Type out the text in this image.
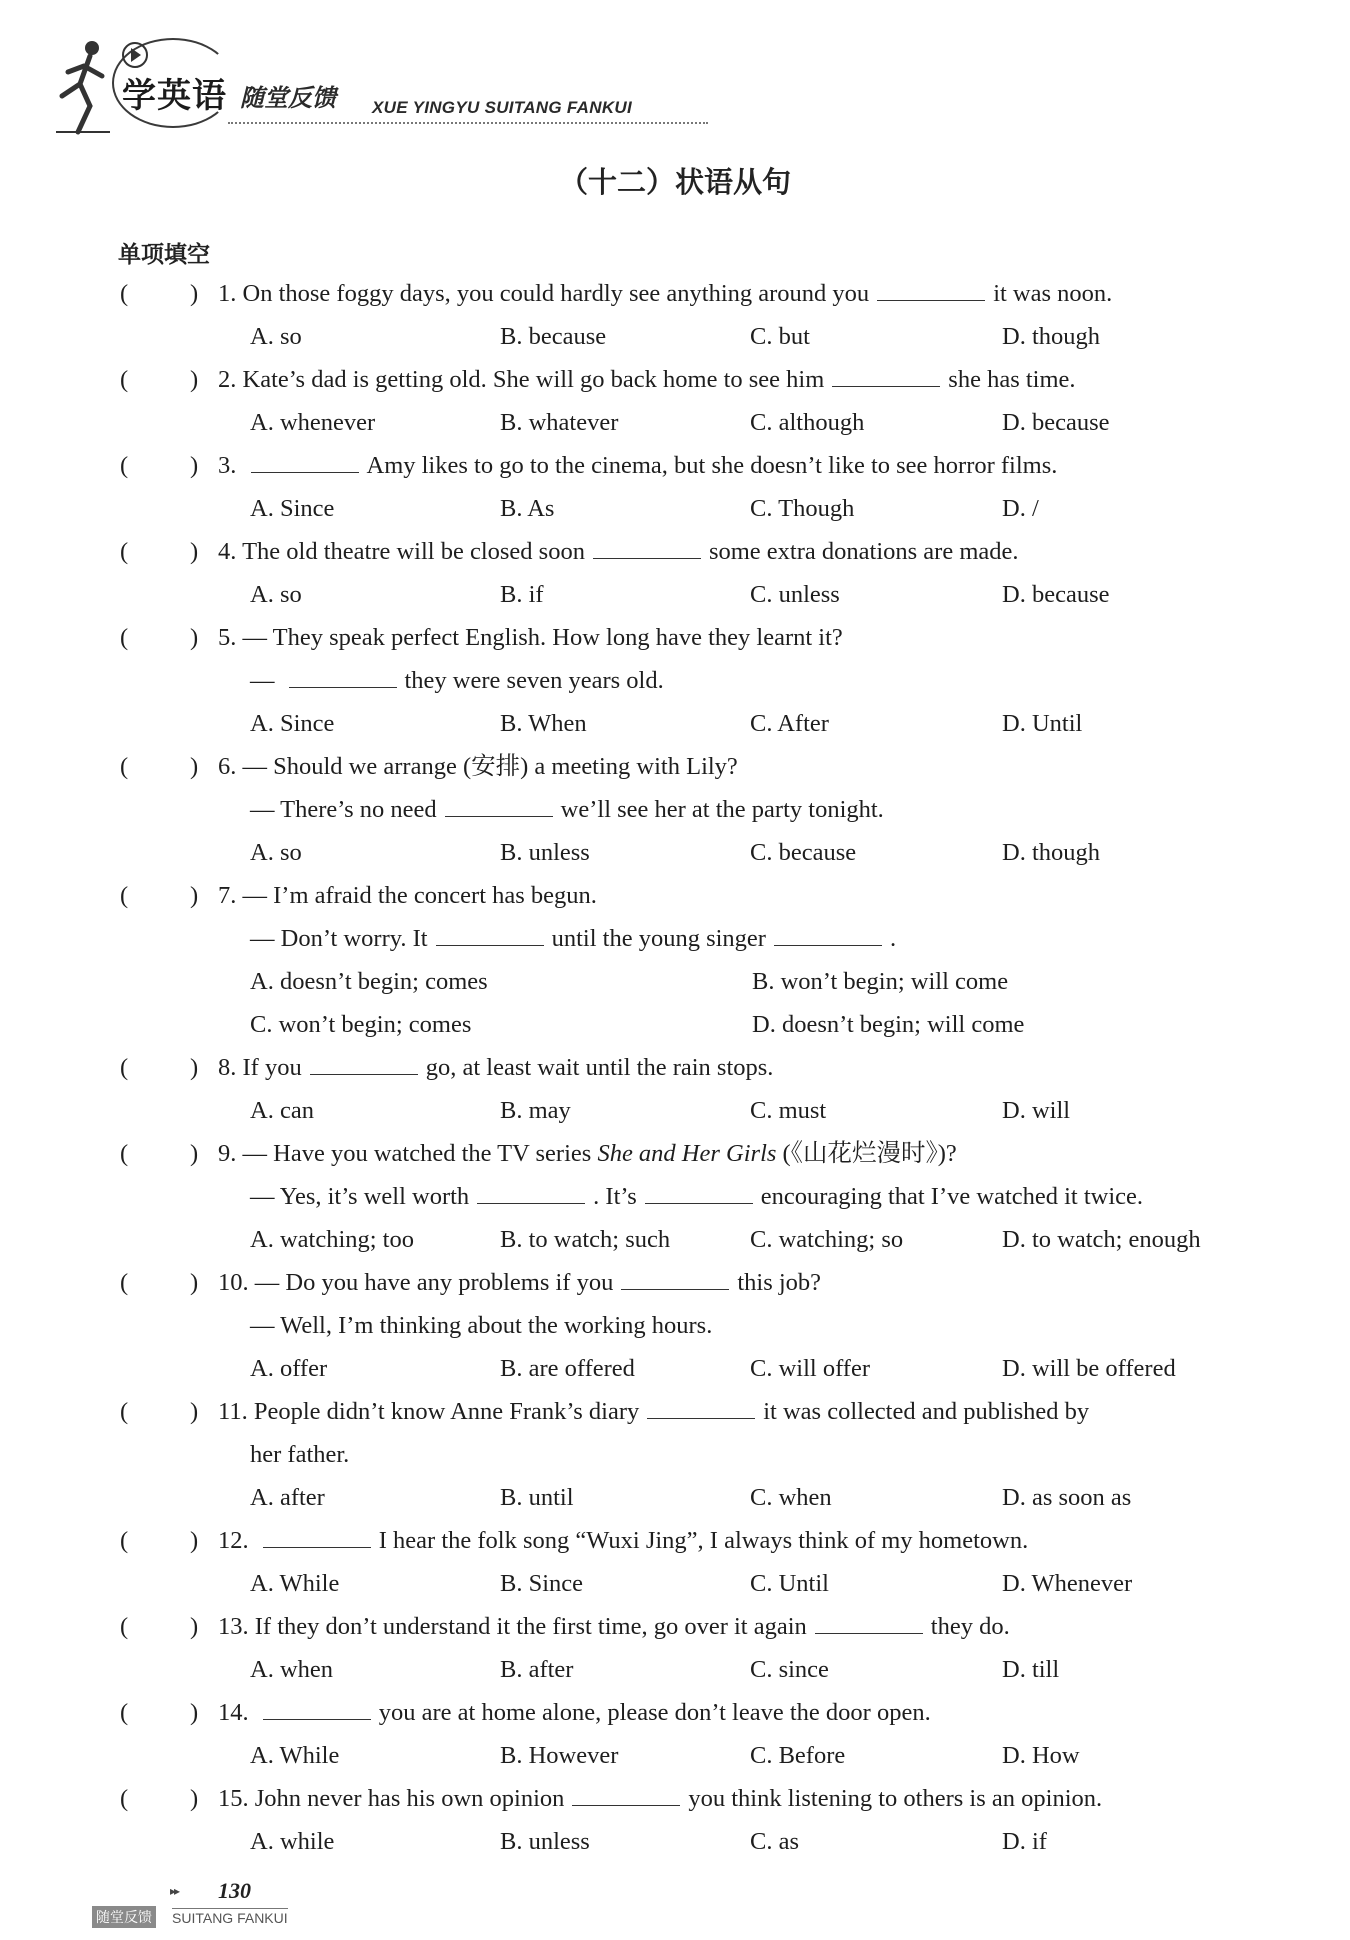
学英语 随堂反馈 XUE YINGYU SUITANG FANKUI
（十二）状语从句
单项填空
(	) 1. On those foggy days, you could hardly see anything around you	it was noon.
A. so	B. because	C. but	D. though
(	) 2. Kate’s dad is getting old. She will go back home to see him	she has time.
A. whenever	B. whatever	C. although	D. because
(	) 3.	Amy likes to go to the cinema, but she doesn’t like to see horror films.
A. Since	B. As	C. Though	D. /
(	) 4. The old theatre will be closed soon	some extra donations are made.
A. so	B. if	C. unless	D. because
(	) 5. — They speak perfect English. How long have they learnt it?
—	they were seven years old.
A. Since	B. When	C. After	D. Until
(	) 6. — Should we arrange (安排) a meeting with Lily?
— There’s no need	we’ll see her at the party tonight.
A. so	B. unless	C. because	D. though
(	) 7. — I’m afraid the concert has begun.
— Don’t worry. It	until the young singer	.
A. doesn’t begin; comes	B. won’t begin; will come
C. won’t begin; comes	D. doesn’t begin; will come
(	) 8. If you	go, at least wait until the rain stops.
A. can	B. may	C. must	D. will
(	) 9. — Have you watched the TV series She and Her Girls (《山花烂漫时》)?
— Yes, it’s well worth	. It’s	encouraging that I’ve watched it twice.
A. watching; too	B. to watch; such	C. watching; so	D. to watch; enough
(	) 10. — Do you have any problems if you	this job?
— Well, I’m thinking about the working hours.
A. offer	B. are offered	C. will offer	D. will be offered
(	) 11. People didn’t know Anne Frank’s diary	it was collected and published by
her father.
A. after	B. until	C. when	D. as soon as
(	) 12.	I hear the folk song “Wuxi Jing”, I always think of my hometown.
A. While	B. Since	C. Until	D. Whenever
(	) 13. If they don’t understand it the first time, go over it again	they do.
A. when	B. after	C. since	D. till
(	) 14.	you are at home alone, please don’t leave the door open.
A. While	B. However	C. Before	D. How
(	) 15. John never has his own opinion	you think listening to others is an opinion.
A. while	B. unless	C. as	D. if
▸▸ 130
随堂反馈 SUITANG FANKUI
